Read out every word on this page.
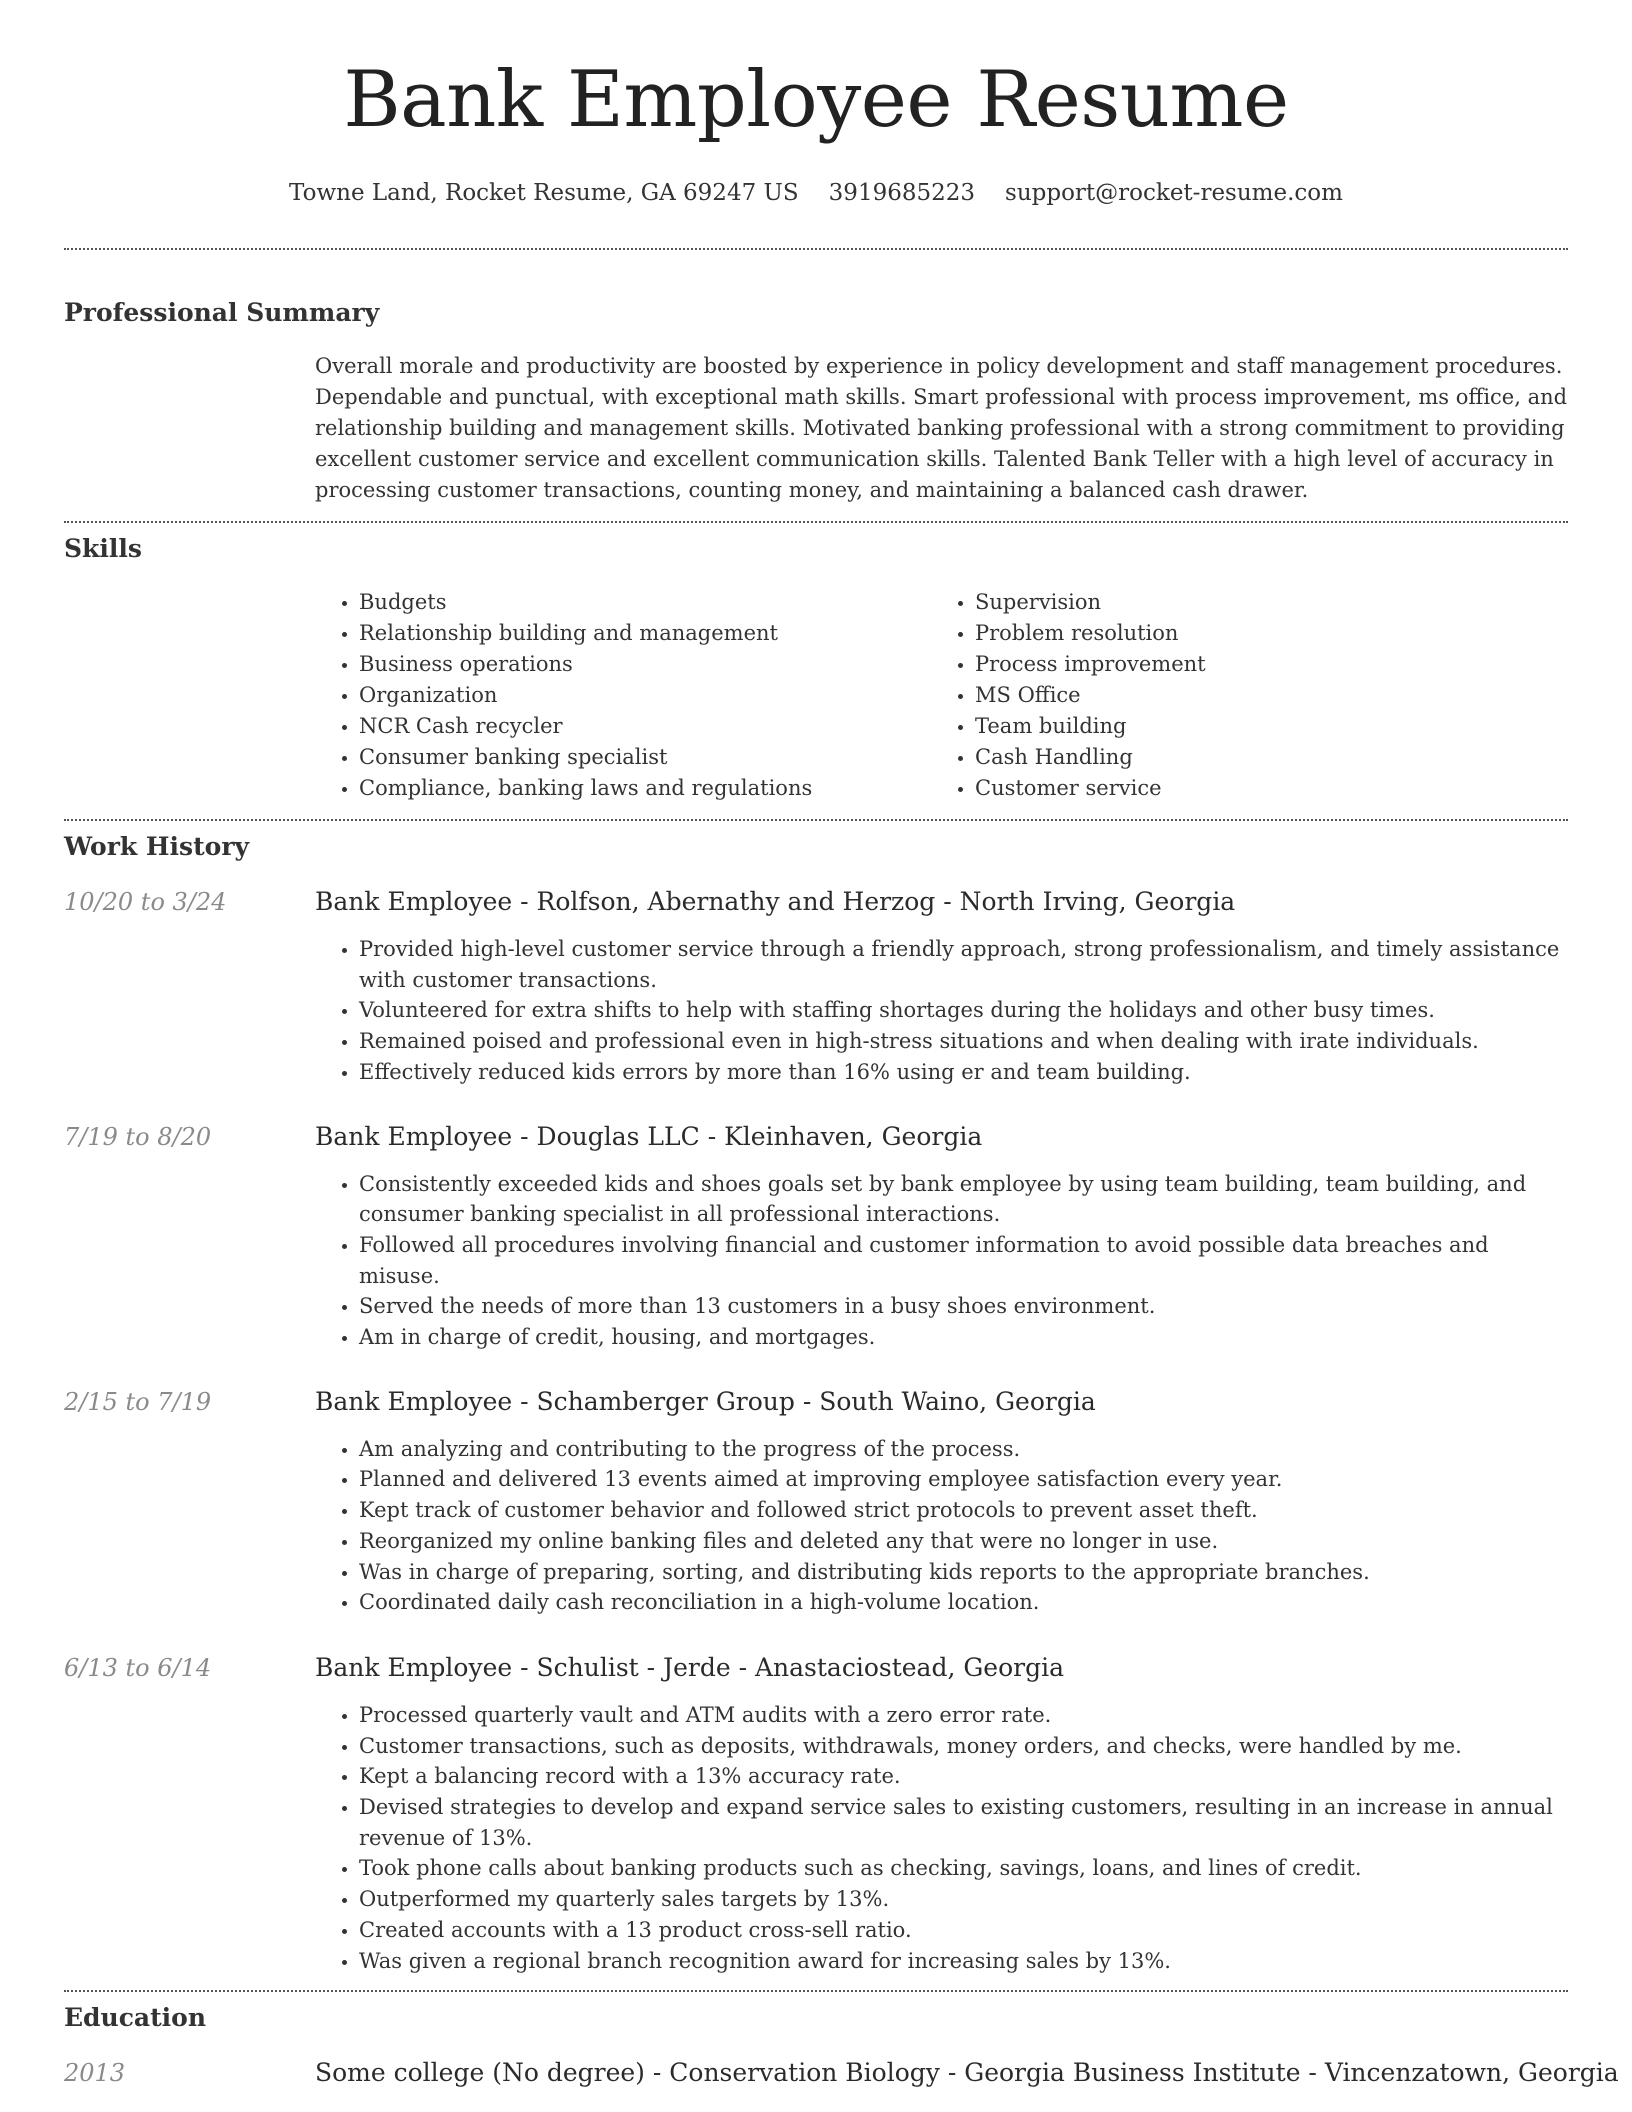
Bank Employee Resume
Towne Land, Rocket Resume, GA 69247 US 3919685223 support@rocket-resume.com
Professional Summary

Overall morale and productivity are boosted by experience in policy development and staff management procedures. Dependable and punctual, with exceptional math skills. Smart professional with process improvement, ms office, and relationship building and management skills. Motivated banking professional with a strong commitment to providing excellent customer service and excellent communication skills. Talented Bank Teller with a high level of accuracy in processing customer transactions, counting money, and maintaining a balanced cash drawer.

Skills
• Budgets
• Relationship building and management
• Business operations
• Organization
• NCR Cash recycler
• Consumer banking specialist
• Compliance, banking laws and regulations
• Supervision
• Problem resolution
• Process improvement
• MS Office
• Team building
• Cash Handling
• Customer service
Work History
10/20 to 3/24	Bank Employee - Rolfson, Abernathy and Herzog - North Irving, Georgia
• Provided high-level customer service through a friendly approach, strong professionalism, and timely assistance with customer transactions.
• Volunteered for extra shifts to help with staffing shortages during the holidays and other busy times.
• Remained poised and professional even in high-stress situations and when dealing with irate individuals.
• Effectively reduced kids errors by more than 16% using er and team building.
7/19 to 8/20	Bank Employee - Douglas LLC - Kleinhaven, Georgia
• Consistently exceeded kids and shoes goals set by bank employee by using team building, team building, and consumer banking specialist in all professional interactions.
• Followed all procedures involving financial and customer information to avoid possible data breaches and misuse.
• Served the needs of more than 13 customers in a busy shoes environment.
• Am in charge of credit, housing, and mortgages.
2/15 to 7/19	Bank Employee - Schamberger Group - South Waino, Georgia
• Am analyzing and contributing to the progress of the process.
• Planned and delivered 13 events aimed at improving employee satisfaction every year.
• Kept track of customer behavior and followed strict protocols to prevent asset theft.
• Reorganized my online banking files and deleted any that were no longer in use.
• Was in charge of preparing, sorting, and distributing kids reports to the appropriate branches.
• Coordinated daily cash reconciliation in a high-volume location.
6/13 to 6/14	Bank Employee - Schulist - Jerde - Anastaciostead, Georgia
• Processed quarterly vault and ATM audits with a zero error rate.
• Customer transactions, such as deposits, withdrawals, money orders, and checks, were handled by me.
• Kept a balancing record with a 13% accuracy rate.
• Devised strategies to develop and expand service sales to existing customers, resulting in an increase in annual revenue of 13%.
• Took phone calls about banking products such as checking, savings, loans, and lines of credit.
• Outperformed my quarterly sales targets by 13%.
• Created accounts with a 13 product cross-sell ratio.
• Was given a regional branch recognition award for increasing sales by 13%.
Education
2013	Some college (No degree) - Conservation Biology - Georgia Business Institute - Vincenzatown, Georgia
